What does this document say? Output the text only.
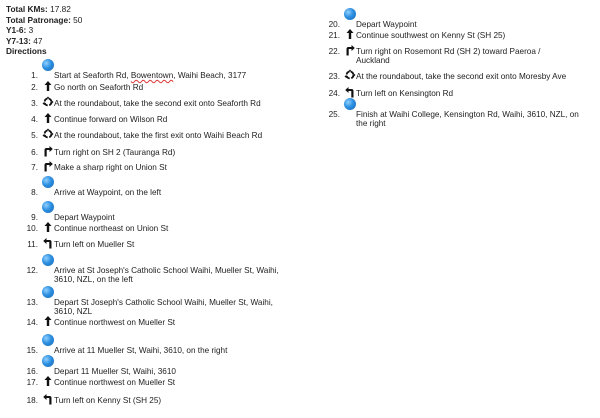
Total KMs: 17.82
Total Patronage: 50
Y1-6: 3
Y7-13: 47
Directions
1. Start at Seaforth Rd, Bowentown, Waihi Beach, 3177
2. Go north on Seaforth Rd
3. At the roundabout, take the second exit onto Seaforth Rd
4. Continue forward on Wilson Rd
5. At the roundabout, take the first exit onto Waihi Beach Rd
6. Turn right on SH 2 (Tauranga Rd)
7. Make a sharp right on Union St
8. Arrive at Waypoint, on the left
9. Depart Waypoint
10. Continue northeast on Union St
11. Turn left on Mueller St
12. Arrive at St Joseph's Catholic School Waihi, Mueller St, Waihi, 3610, NZL, on the left
13. Depart St Joseph's Catholic School Waihi, Mueller St, Waihi, 3610, NZL
14. Continue northwest on Mueller St
15. Arrive at 11 Mueller St, Waihi, 3610, on the right
16. Depart 11 Mueller St, Waihi, 3610
17. Continue northwest on Mueller St
18. Turn left on Kenny St (SH 25)
20. Depart Waypoint
21. Continue southwest on Kenny St (SH 25)
22. Turn right on Rosemont Rd (SH 2) toward Paeroa / Auckland
23. At the roundabout, take the second exit onto Moresby Ave
24. Turn left on Kensington Rd
25. Finish at Waihi College, Kensington Rd, Waihi, 3610, NZL, on the right
